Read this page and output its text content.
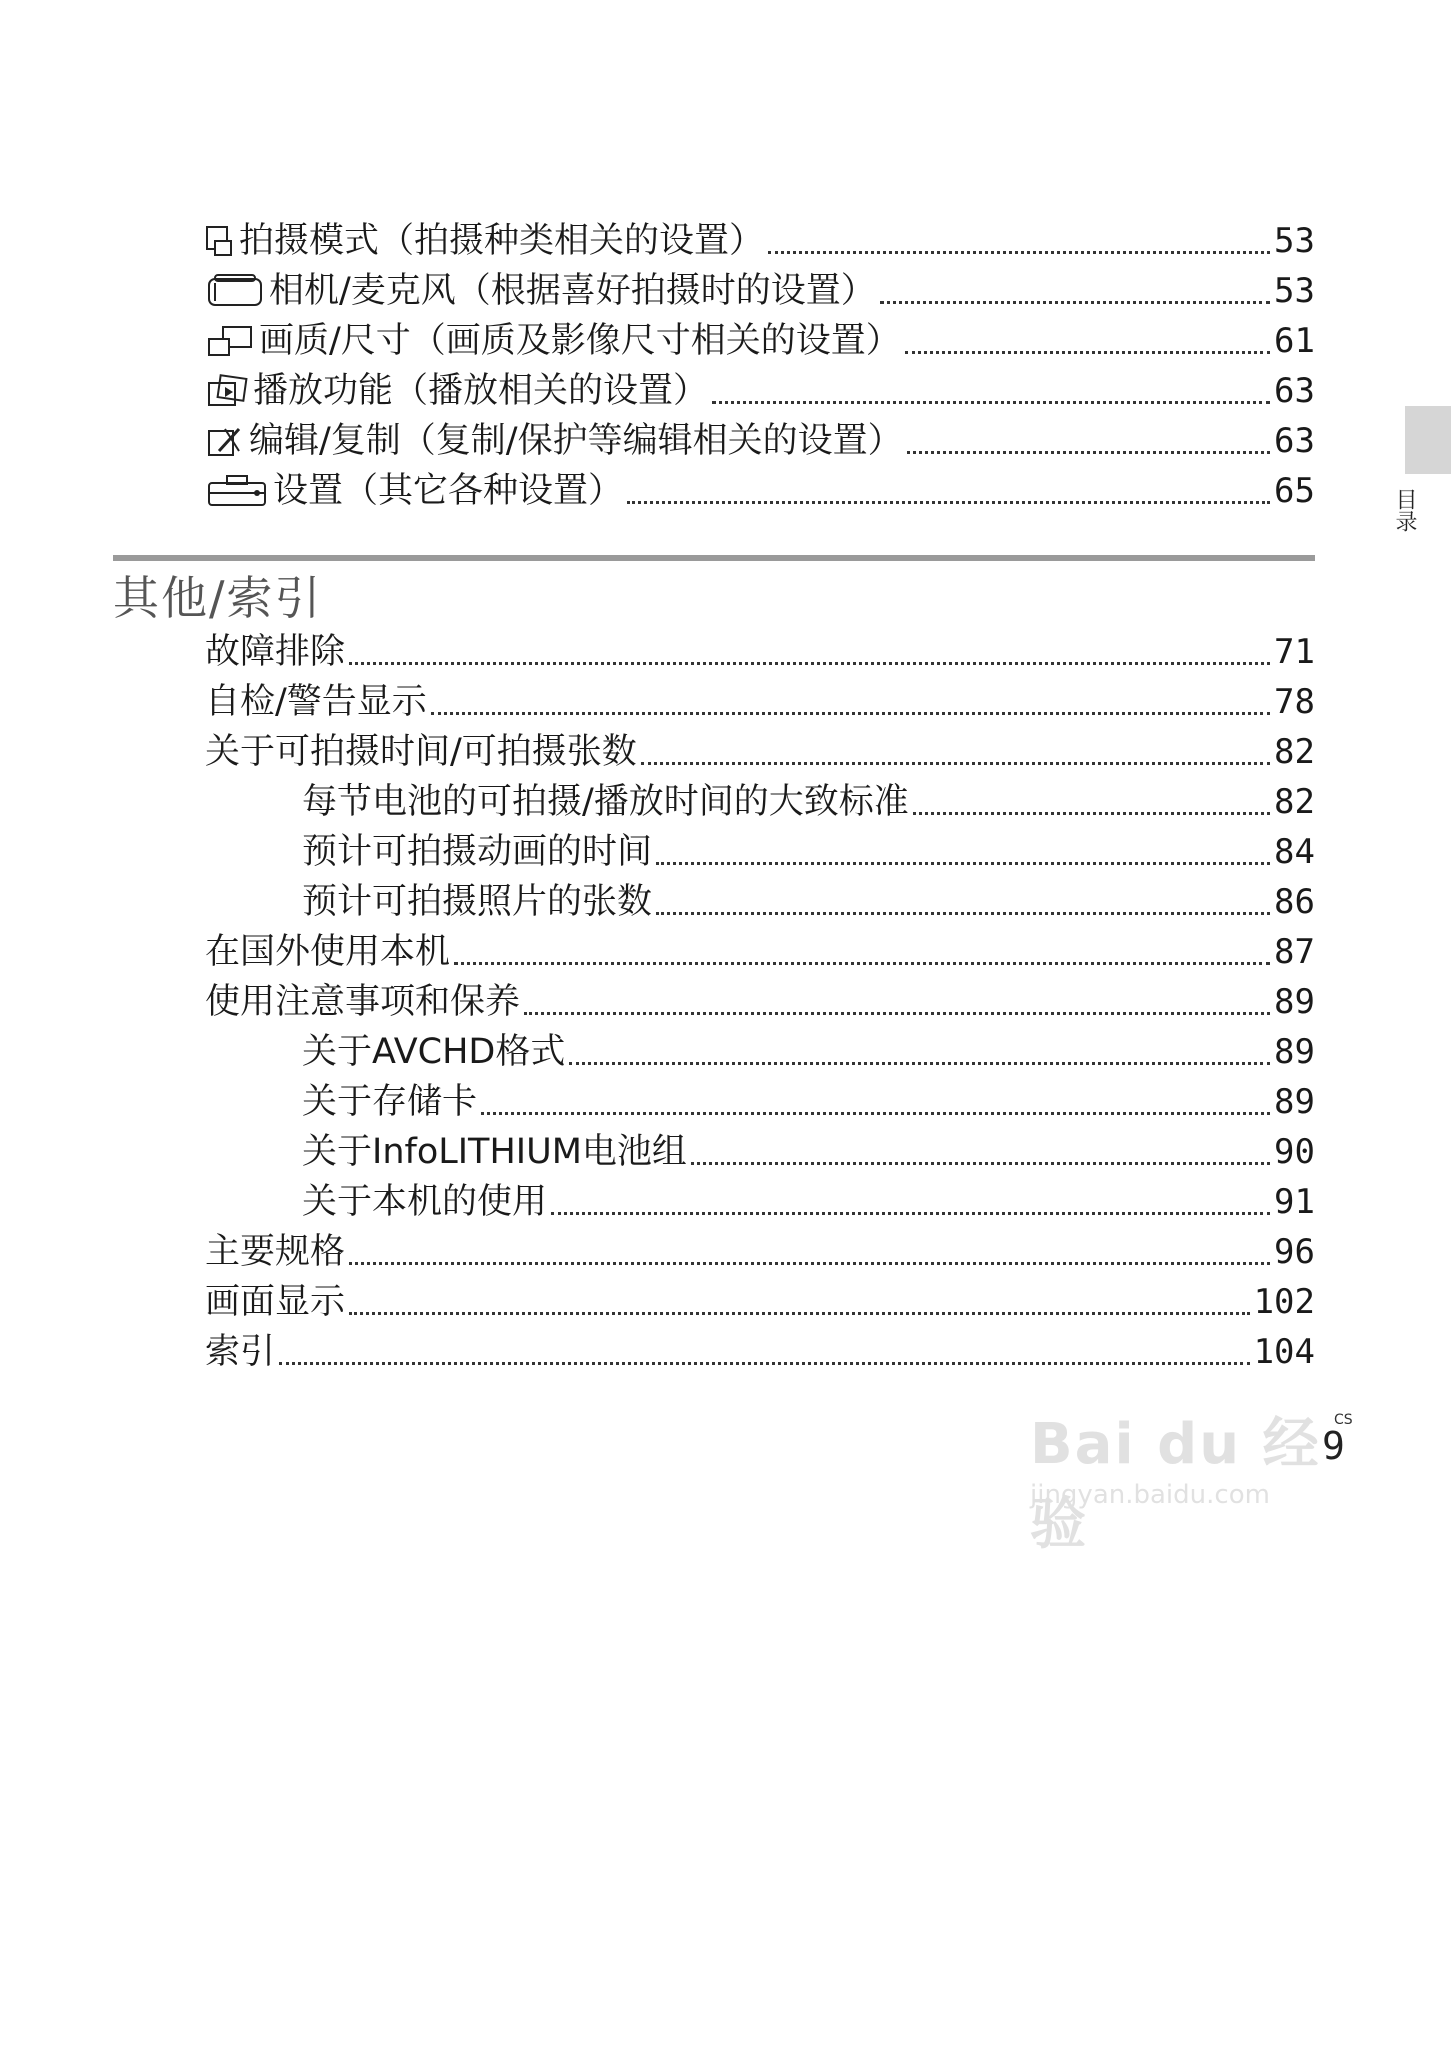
拍摄模式（拍摄种类相关的设置）	53
相机/麦克风（根据喜好拍摄时的设置）	53
画质/尺寸（画质及影像尺寸相关的设置）	61
播放功能（播放相关的设置）	63
编辑/复制（复制/保护等编辑相关的设置）	63
设置（其它各种设置）	65
其他/索引
目录
故障排除	71
自检/警告显示	78
关于可拍摄时间/可拍摄张数	82
每节电池的可拍摄/播放时间的大致标准	82
预计可拍摄动画的时间	84
预计可拍摄照片的张数	86
在国外使用本机	87
使用注意事项和保养	89
关于AVCHD格式	89
关于存储卡	89
关于InfoLITHIUM电池组	90
关于本机的使用	91
主要规格	96
画面显示	102
索引	104
Bai du 经验
jingyan.baidu.com
CS
9
